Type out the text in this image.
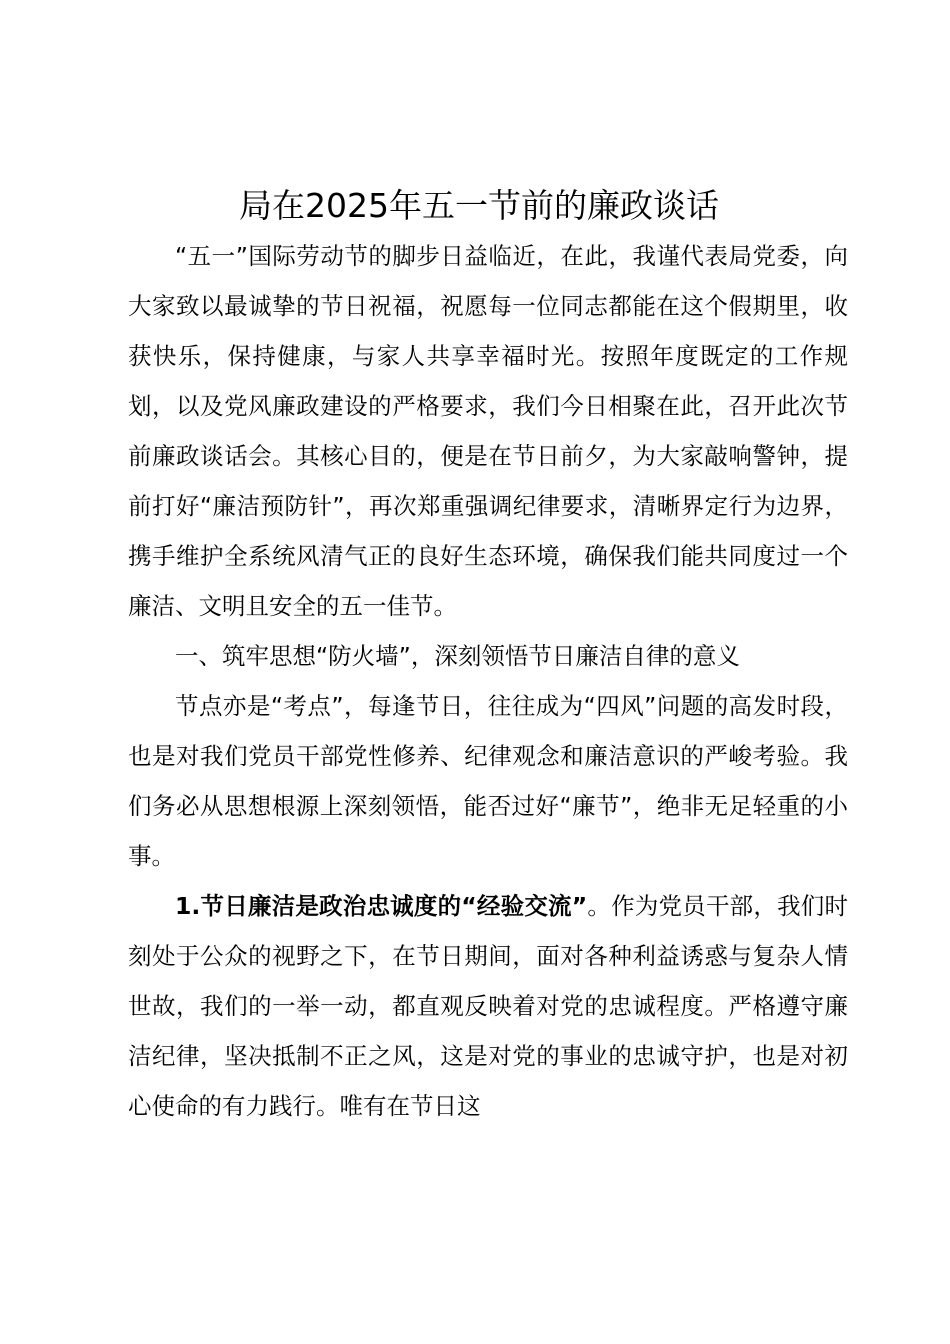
局在2025年五一节前的廉政谈话

“五一”国际劳动节的脚步日益临近，在此，我谨代表局党委，向大家致以最诚挚的节日祝福，祝愿每一位同志都能在这个假期里，收获快乐，保持健康，与家人共享幸福时光。按照年度既定的工作规划，以及党风廉政建设的严格要求，我们今日相聚在此，召开此次节前廉政谈话会。其核心目的，便是在节日前夕，为大家敲响警钟，提前打好“廉洁预防针”，再次郑重强调纪律要求，清晰界定行为边界，携手维护全系统风清气正的良好生态环境，确保我们能共同度过一个廉洁、文明且安全的五一佳节。

一、筑牢思想“防火墙”，深刻领悟节日廉洁自律的意义

节点亦是“考点”，每逢节日，往往成为“四风”问题的高发时段，也是对我们党员干部党性修养、纪律观念和廉洁意识的严峻考验。我们务必从思想根源上深刻领悟，能否过好“廉节”，绝非无足轻重的小事。

1.节日廉洁是政治忠诚度的“经验交流”。作为党员干部，我们时刻处于公众的视野之下，在节日期间，面对各种利益诱惑与复杂人情世故，我们的一举一动，都直观反映着对党的忠诚程度。严格遵守廉洁纪律，坚决抵制不正之风，这是对党的事业的忠诚守护，也是对初心使命的有力践行。唯有在节日这
